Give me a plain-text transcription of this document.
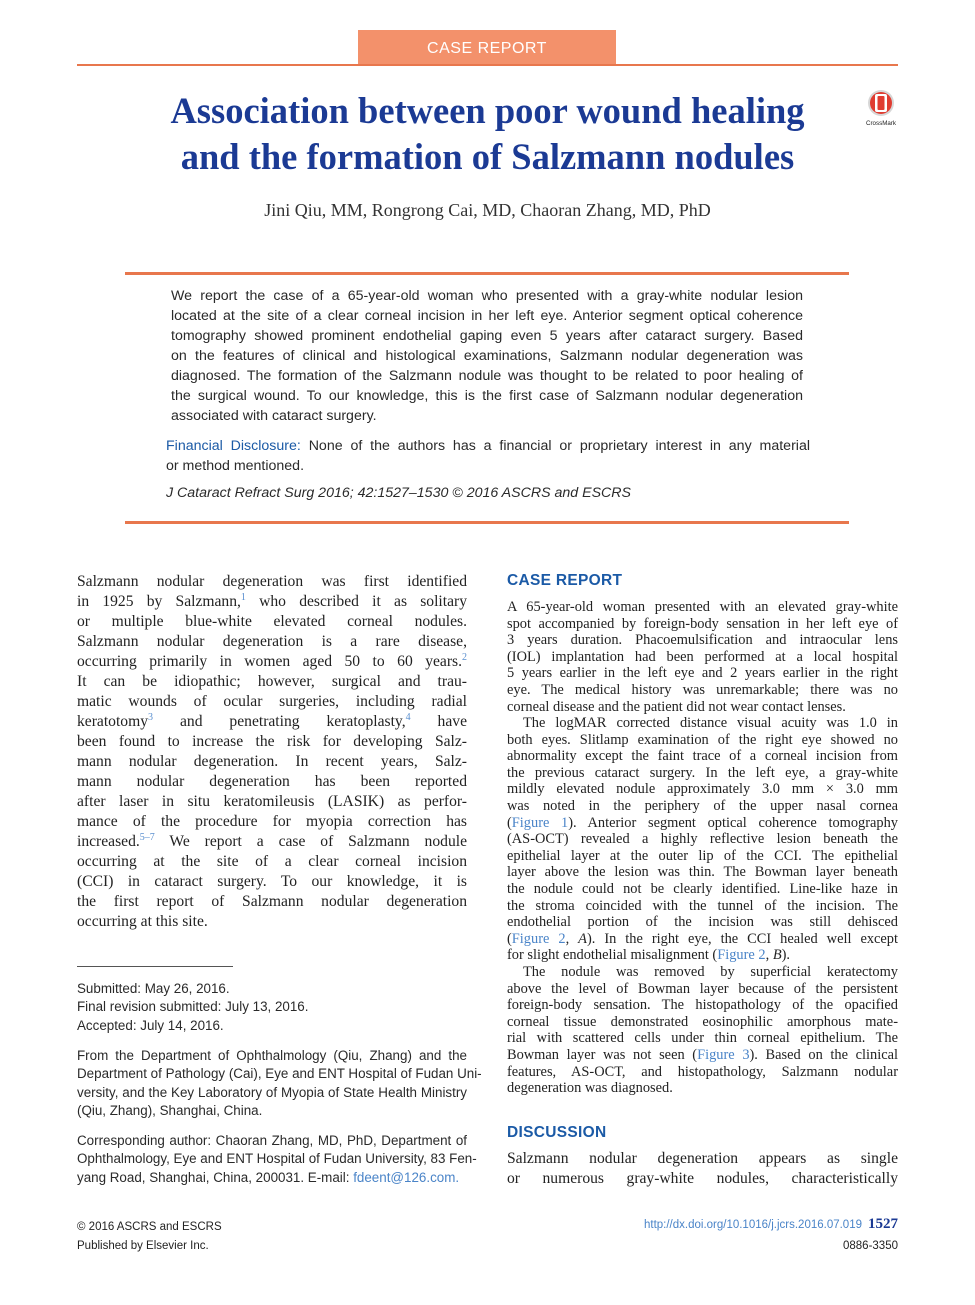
CASE REPORT
Association between poor wound healing
and the formation of Salzmann nodules
CrossMark
Jini Qiu, MM, Rongrong Cai, MD, Chaoran Zhang, MD, PhD
We report the case of a 65-year-old woman who presented with a gray-white nodular lesion
located at the site of a clear corneal incision in her left eye. Anterior segment optical coherence
tomography showed prominent endothelial gaping even 5 years after cataract surgery. Based
on the features of clinical and histological examinations, Salzmann nodular degeneration was
diagnosed. The formation of the Salzmann nodule was thought to be related to poor healing of
the surgical wound. To our knowledge, this is the first case of Salzmann nodular degeneration
associated with cataract surgery.
Financial Disclosure: None of the authors has a financial or proprietary interest in any material
or method mentioned.
J Cataract Refract Surg 2016; 42:1527–1530 © 2016 ASCRS and ESCRS
Salzmann nodular degeneration was first identified
in 1925 by Salzmann,$^1$ who described it as solitary
or multiple blue-white elevated corneal nodules.
Salzmann nodular degeneration is a rare disease,
occurring primarily in women aged 50 to 60 years.$^2$
It can be idiopathic; however, surgical and trau-
matic wounds of ocular surgeries, including radial
keratotomy$^3$ and penetrating keratoplasty,$^4$ have
been found to increase the risk for developing Salz-
mann nodular degeneration. In recent years, Salz-
mann nodular degeneration has been reported
after laser in situ keratomileusis (LASIK) as perfor-
mance of the procedure for myopia correction has
increased.$^{5-7}$ We report a case of Salzmann nodule
occurring at the site of a clear corneal incision
(CCI) in cataract surgery. To our knowledge, it is
the first report of Salzmann nodular degeneration
occurring at this site.
Submitted: May 26, 2016.
Final revision submitted: July 13, 2016.
Accepted: July 14, 2016.
From the Department of Ophthalmology (Qiu, Zhang) and the
Department of Pathology (Cai), Eye and ENT Hospital of Fudan Uni-
versity, and the Key Laboratory of Myopia of State Health Ministry
(Qiu, Zhang), Shanghai, China.
Corresponding author: Chaoran Zhang, MD, PhD, Department of
Ophthalmology, Eye and ENT Hospital of Fudan University, 83 Fen-
yang Road, Shanghai, China, 200031. E-mail: fdeent@126.com.
CASE REPORT
A 65-year-old woman presented with an elevated gray-white
spot accompanied by foreign-body sensation in her left eye of
3 years duration. Phacoemulsification and intraocular lens
(IOL) implantation had been performed at a local hospital
5 years earlier in the left eye and 2 years earlier in the right
eye. The medical history was unremarkable; there was no
corneal disease and the patient did not wear contact lenses.
The logMAR corrected distance visual acuity was 1.0 in
both eyes. Slitlamp examination of the right eye showed no
abnormality except the faint trace of a corneal incision from
the previous cataract surgery. In the left eye, a gray-white
mildly elevated nodule approximately 3.0 mm × 3.0 mm
was noted in the periphery of the upper nasal cornea
(Figure 1). Anterior segment optical coherence tomography
(AS-OCT) revealed a highly reflective lesion beneath the
epithelial layer at the outer lip of the CCI. The epithelial
layer above the lesion was thin. The Bowman layer beneath
the nodule could not be clearly identified. Line-like haze in
the stroma coincided with the tunnel of the incision. The
endothelial portion of the incision was still dehisced
(Figure 2, A). In the right eye, the CCI healed well except
for slight endothelial misalignment (Figure 2, B).
The nodule was removed by superficial keratectomy
above the level of Bowman layer because of the persistent
foreign-body sensation. The histopathology of the opacified
corneal tissue demonstrated eosinophilic amorphous mate-
rial with scattered cells under thin corneal epithelium. The
Bowman layer was not seen (Figure 3). Based on the clinical
features, AS-OCT, and histopathology, Salzmann nodular
degeneration was diagnosed.
DISCUSSION
Salzmann nodular degeneration appears as single
or numerous gray-white nodules, characteristically
© 2016 ASCRS and ESCRS
Published by Elsevier Inc.
http://dx.doi.org/10.1016/j.jcrs.2016.07.019 1527
0886-3350
